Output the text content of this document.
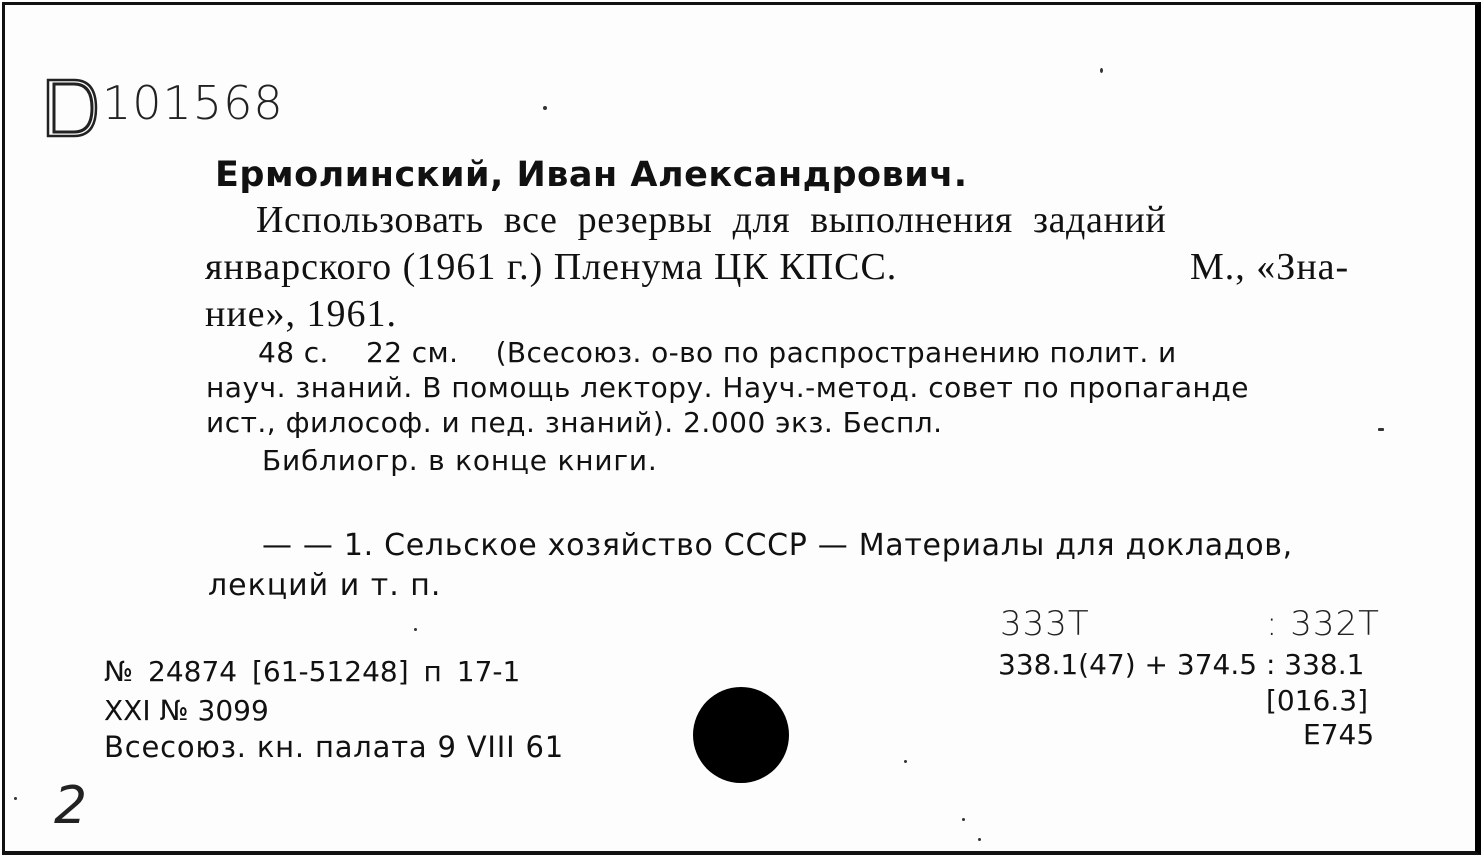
101568
Ермолинский, Иван Александрович.
Использовать все резервы для выполнения заданий
январского (1961 г.) Пленума ЦК КПСС.	М., «Зна-
ние», 1961.
48 с.    22 см.    (Всесоюз. о-во по распространению полит. и
науч. знаний. В помощь лектору. Науч.-метод. совет по пропаганде
ист., философ. и пед. знаний). 2.000 экз. Беспл.
Библиогр. в конце книги.
— — 1. Сельское хозяйство СССР — Материалы для докладов,
лекций и т. п.
№ 24874 [61-51248] п 17-1
XXI № 3099
Всесоюз. кн. палата 9 VIII 61
333Т	: 332Т
338.1(47) + 374.5 : 338.1
[016.3]
Е745
2
